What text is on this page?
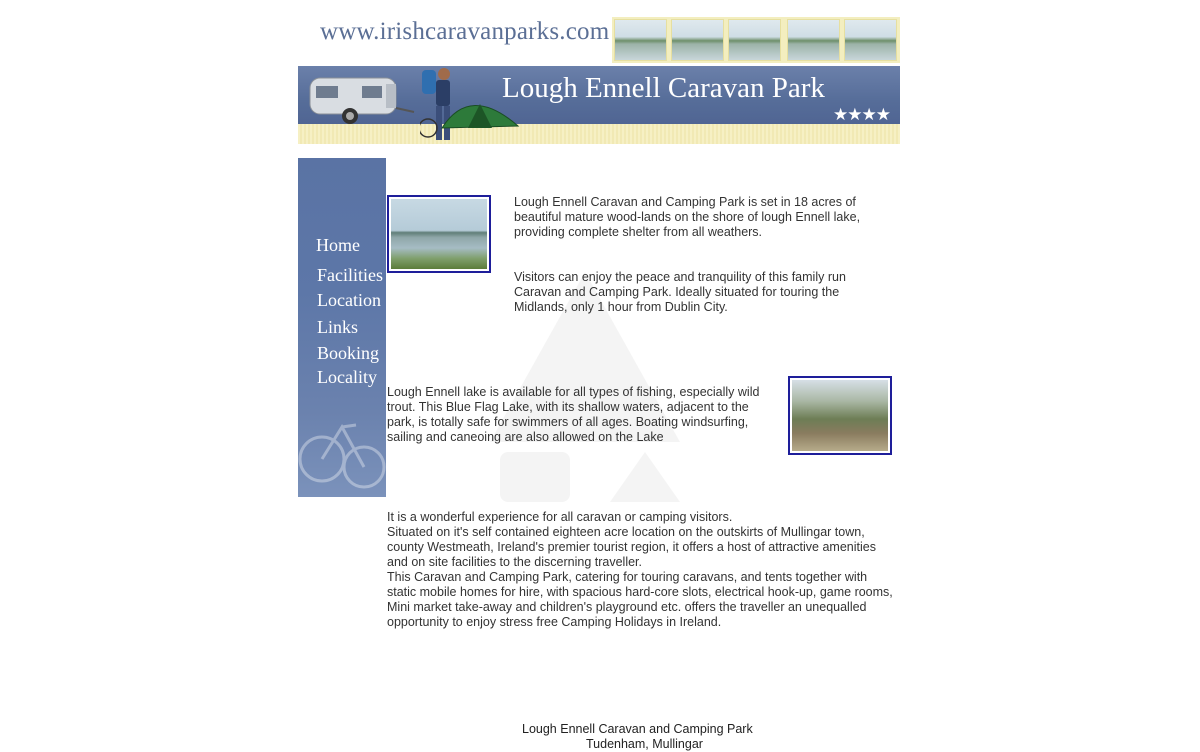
www.irishcaravanparks.com
Lough Ennell Caravan Park
★★★★
Home
Facilities
Location
Links
Booking
Locality
Lough Ennell Caravan and Camping Park is set in 18 acres of beautiful mature wood-lands on the shore of lough Ennell lake, providing complete shelter from all weathers.
Visitors can enjoy the peace and tranquility of this family run Caravan and Camping Park. Ideally situated for touring the Midlands, only 1 hour from Dublin City.
Lough Ennell lake is available for all types of fishing, especially wild trout. This Blue Flag Lake, with its shallow waters, adjacent to the park, is totally safe for swimmers of all ages. Boating windsurfing, sailing and caneoing are also allowed on the Lake
It is a wonderful experience for all caravan or camping visitors.
Situated on it's self contained eighteen acre location on the outskirts of Mullingar town, county Westmeath, Ireland's premier tourist region, it offers a host of attractive amenities and on site facilities to the discerning traveller.
This Caravan and Camping Park, catering for touring caravans, and tents together with static mobile homes for hire, with spacious hard-core slots, electrical hook-up, game rooms, Mini market take-away and children's playground etc. offers the traveller an unequalled opportunity to enjoy stress free Camping Holidays in Ireland.
Lough Ennell Caravan and Camping Park
Tudenham, Mullingar
